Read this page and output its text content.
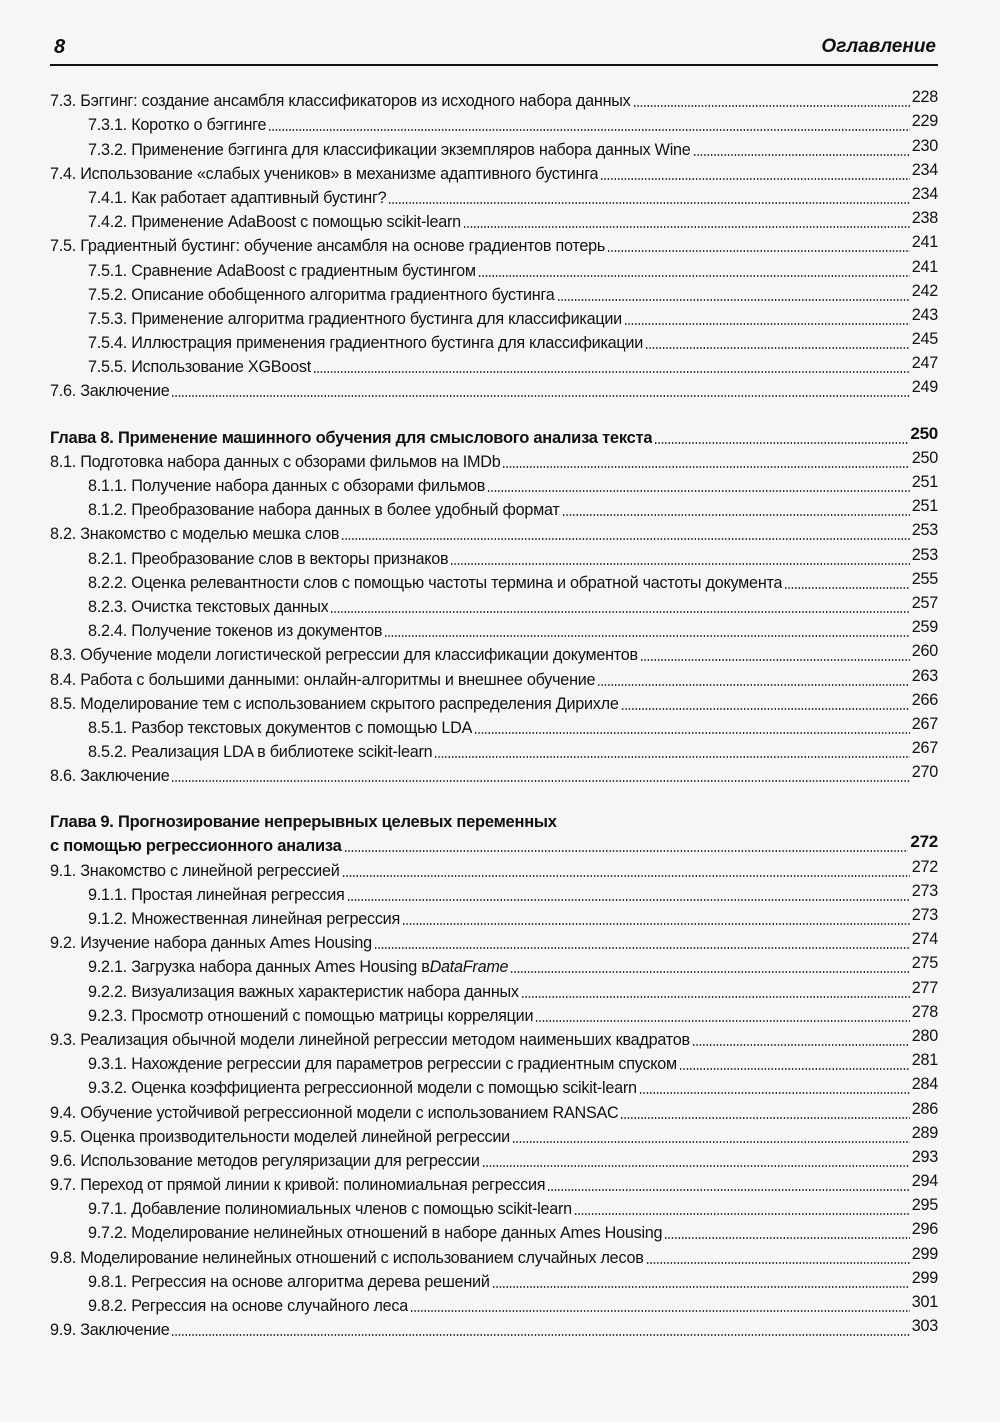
8	Оглавление
7.3. Бэггинг: создание ансамбля классификаторов из исходного набора данных	228
7.3.1. Коротко о бэггинге	229
7.3.2. Применение бэггинга для классификации экземпляров набора данных Wine	230
7.4. Использование «слабых учеников» в механизме адаптивного бустинга	234
7.4.1. Как работает адаптивный бустинг?	234
7.4.2. Применение AdaBoost с помощью scikit-learn	238
7.5. Градиентный бустинг: обучение ансамбля на основе градиентов потерь	241
7.5.1. Сравнение AdaBoost с градиентным бустингом	241
7.5.2. Описание обобщенного алгоритма градиентного бустинга	242
7.5.3. Применение алгоритма градиентного бустинга для классификации	243
7.5.4. Иллюстрация применения градиентного бустинга для классификации	245
7.5.5. Использование XGBoost	247
7.6. Заключение	249
Глава 8. Применение машинного обучения для смыслового анализа текста	250
8.1. Подготовка набора данных с обзорами фильмов на IMDb	250
8.1.1. Получение набора данных с обзорами фильмов	251
8.1.2. Преобразование набора данных в более удобный формат	251
8.2. Знакомство с моделью мешка слов	253
8.2.1. Преобразование слов в векторы признаков	253
8.2.2. Оценка релевантности слов с помощью частоты термина и обратной частоты документа	255
8.2.3. Очистка текстовых данных	257
8.2.4. Получение токенов из документов	259
8.3. Обучение модели логистической регрессии для классификации документов	260
8.4. Работа с большими данными: онлайн-алгоритмы и внешнее обучение	263
8.5. Моделирование тем с использованием скрытого распределения Дирихле	266
8.5.1. Разбор текстовых документов с помощью LDA	267
8.5.2. Реализация LDA в библиотеке scikit-learn	267
8.6. Заключение	270
Глава 9. Прогнозирование непрерывных целевых переменных
с помощью регрессионного анализа	272
9.1. Знакомство с линейной регрессией	272
9.1.1. Простая линейная регрессия	273
9.1.2. Множественная линейная регрессия	273
9.2. Изучение набора данных Ames Housing	274
9.2.1. Загрузка набора данных Ames Housing в DataFrame	275
9.2.2. Визуализация важных характеристик набора данных	277
9.2.3. Просмотр отношений с помощью матрицы корреляции	278
9.3. Реализация обычной модели линейной регрессии методом наименьших квадратов	280
9.3.1. Нахождение регрессии для параметров регрессии с градиентным спуском	281
9.3.2. Оценка коэффициента регрессионной модели с помощью scikit-learn	284
9.4. Обучение устойчивой регрессионной модели с использованием RANSAC	286
9.5. Оценка производительности моделей линейной регрессии	289
9.6. Использование методов регуляризации для регрессии	293
9.7. Переход от прямой линии к кривой: полиномиальная регрессия	294
9.7.1. Добавление полиномиальных членов с помощью scikit-learn	295
9.7.2. Моделирование нелинейных отношений в наборе данных Ames Housing	296
9.8. Моделирование нелинейных отношений с использованием случайных лесов	299
9.8.1. Регрессия на основе алгоритма дерева решений	299
9.8.2. Регрессия на основе случайного леса	301
9.9. Заключение	303
